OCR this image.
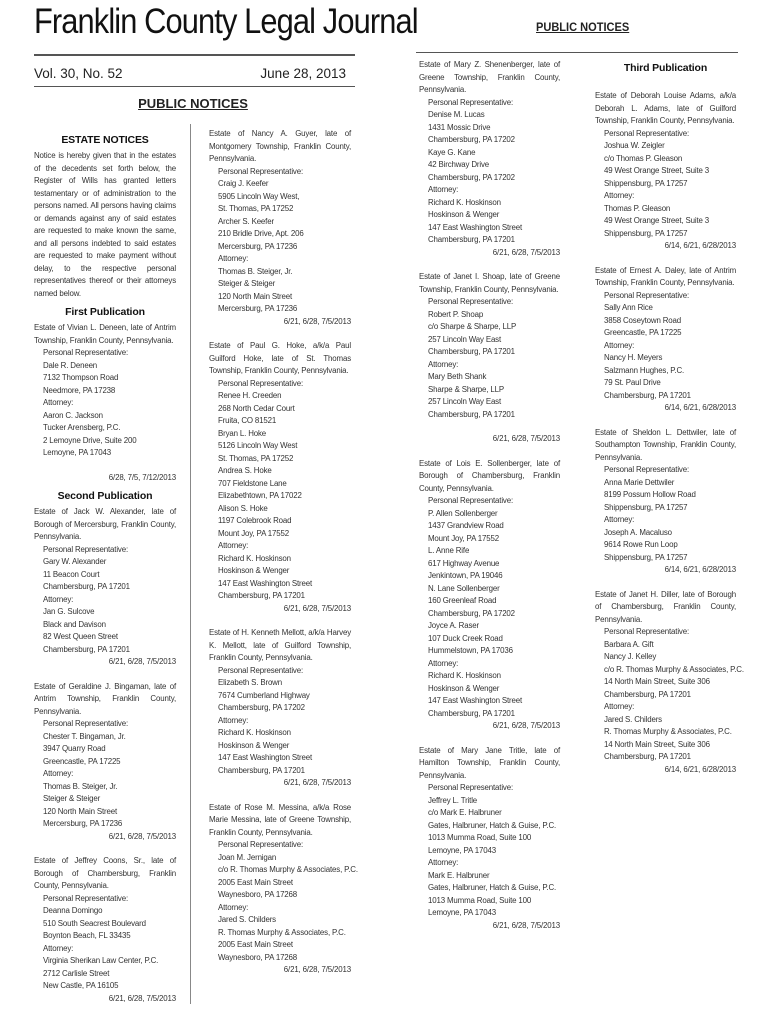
Franklin County Legal Journal	PUBLIC NOTICES
Vol. 30, No. 52	June 28, 2013
PUBLIC NOTICES
ESTATE NOTICES

Notice is hereby given that in the estates of the decedents set forth below, the Register of Wills has granted letters testamentary or of administration to the persons named. All persons having claims or demands against any of said estates are requested to make known the same, and all persons indebted to said estates are requested to make payment without delay, to the respective personal representatives thereof or their attorneys named below.

First Publication

Estate of Vivian L. Deneen, late of Antrim Township, Franklin County, Pennsylvania.

Personal Representative:

Dale R. Deneen

7132 Thompson Road

Needmore, PA 17238

Attorney:

Aaron C. Jackson

Tucker Arensberg, P.C.

2 Lemoyne Drive, Suite 200

Lemoyne, PA 17043

6/28, 7/5, 7/12/2013

Second Publication

Estate of Jack W. Alexander, late of Borough of Mercersburg, Franklin County, Pennsylvania.

Personal Representative:

Gary W. Alexander

11 Beacon Court

Chambersburg, PA 17201

Attorney:

Jan G. Sulcove

Black and Davison

82 West Queen Street

Chambersburg, PA 17201

6/21, 6/28, 7/5/2013

Estate of Geraldine J. Bingaman, late of Antrim Township, Franklin County, Pennsylvania.

Personal Representative:

Chester T. Bingaman, Jr.

3947 Quarry Road

Greencastle, PA 17225

Attorney:

Thomas B. Steiger, Jr.

Steiger & Steiger

120 North Main Street

Mercersburg, PA 17236

6/21, 6/28, 7/5/2013

Estate of Jeffrey Coons, Sr., late of Borough of Chambersburg, Franklin County, Pennsylvania.

Personal Representative:

Deanna Domingo

510 South Seacrest Boulevard

Boynton Beach, FL 33435

Attorney:

Virginia Sherikan Law Center, P.C.

2712 Carlisle Street

New Castle, PA 16105

6/21, 6/28, 7/5/2013

Estate of Nancy A. Guyer, late of Montgomery Township, Franklin County, Pennsylvania.

Personal Representative:

Craig J. Keefer

5905 Lincoln Way West,

St. Thomas, PA 17252

Archer S. Keefer

210 Bridle Drive, Apt. 206

Mercersburg, PA 17236

Attorney:

Thomas B. Steiger, Jr.

Steiger & Steiger

120 North Main Street

Mercersburg, PA 17236

6/21, 6/28, 7/5/2013

Estate of Paul G. Hoke, a/k/a Paul Guilford Hoke, late of St. Thomas Township, Franklin County, Pennsylvania.

Personal Representative:

Renee H. Creeden

268 North Cedar Court

Fruita, CO 81521

Bryan L. Hoke

5126 Lincoln Way West

St. Thomas, PA 17252

Andrea S. Hoke

707 Fieldstone Lane

Elizabethtown, PA 17022

Alison S. Hoke

1197 Colebrook Road

Mount Joy, PA 17552

Attorney:

Richard K. Hoskinson

Hoskinson & Wenger

147 East Washington Street

Chambersburg, PA 17201

6/21, 6/28, 7/5/2013

Estate of H. Kenneth Mellott, a/k/a Harvey K. Mellott, late of Guilford Township, Franklin County, Pennsylvania.

Personal Representative:

Elizabeth S. Brown

7674 Cumberland Highway

Chambersburg, PA 17202

Attorney:

Richard K. Hoskinson

Hoskinson & Wenger

147 East Washington Street

Chambersburg, PA 17201

6/21, 6/28, 7/5/2013

Estate of Rose M. Messina, a/k/a Rose Marie Messina, late of Greene Township, Franklin County, Pennsylvania.

Personal Representative:

Joan M. Jernigan

c/o R. Thomas Murphy & Associates, P.C.

2005 East Main Street

Waynesboro, PA 17268

Attorney:

Jared S. Childers

R. Thomas Murphy & Associates, P.C.

2005 East Main Street

Waynesboro, PA 17268

6/21, 6/28, 7/5/2013

Estate of Mary Z. Shenenberger, late of Greene Township, Franklin County, Pennsylvania.

Personal Representative:

Denise M. Lucas

1431 Mossic Drive

Chambersburg, PA 17202

Kaye G. Kane

42 Birchway Drive

Chambersburg, PA 17202

Attorney:

Richard K. Hoskinson

Hoskinson & Wenger

147 East Washington Street

Chambersburg, PA 17201

6/21, 6/28, 7/5/2013

Estate of Janet I. Shoap, late of Greene Township, Franklin County, Pennsylvania.

Personal Representative:

Robert P. Shoap

c/o Sharpe & Sharpe, LLP

257 Lincoln Way East

Chambersburg, PA 17201

Attorney:

Mary Beth Shank

Sharpe & Sharpe, LLP

257 Lincoln Way East

Chambersburg, PA 17201

6/21, 6/28, 7/5/2013

Estate of Lois E. Sollenberger, late of Borough of Chambersburg, Franklin County, Pennsylvania.

Personal Representative:

P. Allen Sollenberger

1437 Grandview Road

Mount Joy, PA 17552

L. Anne Rife

617 Highway Avenue

Jenkintown, PA 19046

N. Lane Sollenberger

160 Greenleaf Road

Chambersburg, PA 17202

Joyce A. Raser

107 Duck Creek Road

Hummelstown, PA 17036

Attorney:

Richard K. Hoskinson

Hoskinson & Wenger

147 East Washington Street

Chambersburg, PA 17201

6/21, 6/28, 7/5/2013

Estate of Mary Jane Tritle, late of Hamilton Township, Franklin County, Pennsylvania.

Personal Representative:

Jeffrey L. Tritle

c/o Mark E. Halbruner

Gates, Halbruner, Hatch & Guise, P.C.

1013 Mumma Road, Suite 100

Lemoyne, PA 17043

Attorney:

Mark E. Halbruner

Gates, Halbruner, Hatch & Guise, P.C.

1013 Mumma Road, Suite 100

Lemoyne, PA 17043

6/21, 6/28, 7/5/2013

Third Publication

Estate of Deborah Louise Adams, a/k/a Deborah L. Adams, late of Guilford Township, Franklin County, Pennsylvania.

Personal Representative:

Joshua W. Zeigler

c/o Thomas P. Gleason

49 West Orange Street, Suite 3

Shippensburg, PA 17257

Attorney:

Thomas P. Gleason

49 West Orange Street, Suite 3

Shippensburg, PA 17257

6/14, 6/21, 6/28/2013

Estate of Ernest A. Daley, late of Antrim Township, Franklin County, Pennsylvania.

Personal Representative:

Sally Ann Rice

3858 Coseytown Road

Greencastle, PA 17225

Attorney:

Nancy H. Meyers

Salzmann Hughes, P.C.

79 St. Paul Drive

Chambersburg, PA 17201

6/14, 6/21, 6/28/2013

Estate of Sheldon L. Dettwiler, late of Southampton Township, Franklin County, Pennsylvania.

Personal Representative:

Anna Marie Dettwiler

8199 Possum Hollow Road

Shippensburg, PA 17257

Attorney:

Joseph A. Macaluso

9614 Rowe Run Loop

Shippensburg, PA 17257

6/14, 6/21, 6/28/2013

Estate of Janet H. Diller, late of Borough of Chambersburg, Franklin County, Pennsylvania.

Personal Representative:

Barbara A. Gift

Nancy J. Kelley

c/o R. Thomas Murphy & Associates, P.C.

14 North Main Street, Suite 306

Chambersburg, PA 17201

Attorney:

Jared S. Childers

R. Thomas Murphy & Associates, P.C.

14 North Main Street, Suite 306

Chambersburg, PA 17201

6/14, 6/21, 6/28/2013
